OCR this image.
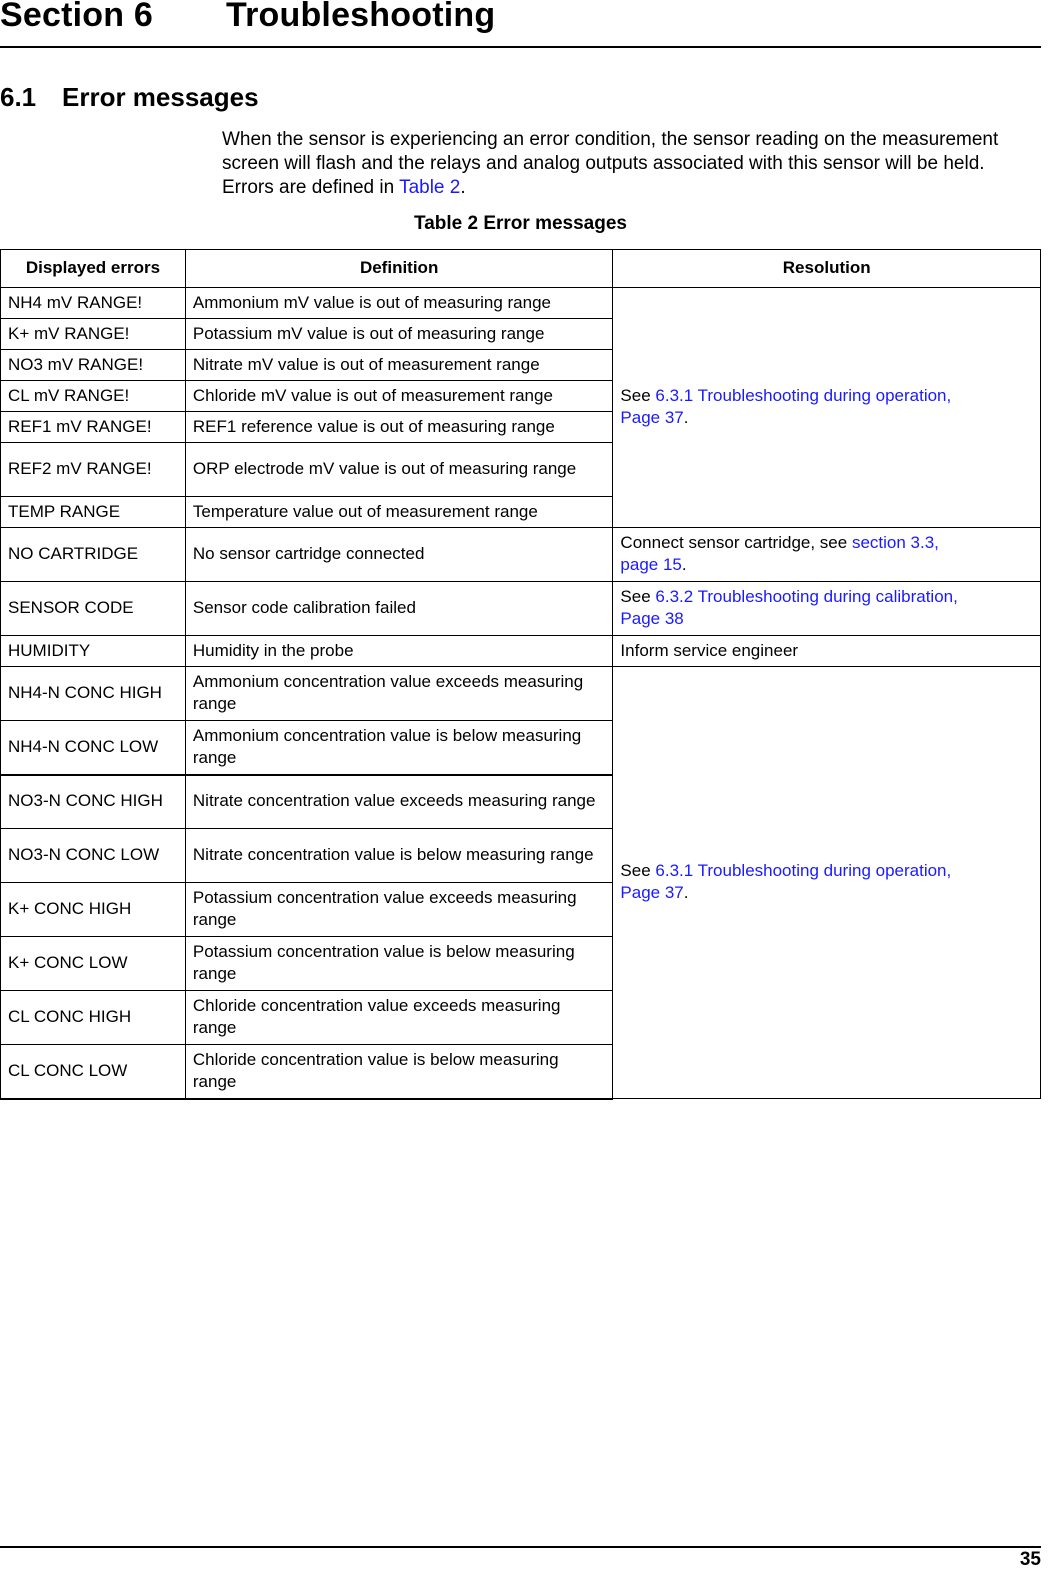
Section 6 Troubleshooting
6.1 Error messages

When the sensor is experiencing an error condition, the sensor reading on the measurement screen will flash and the relays and analog outputs associated with this sensor will be held. Errors are defined in Table 2.

Table 2 Error messages
Displayed errors	Definition	Resolution
NH4 mV RANGE!	Ammonium mV value is out of measuring range	See 6.3.1 Troubleshooting during operation,
Page 37.
K+ mV RANGE!	Potassium mV value is out of measuring range	
NO3 mV RANGE!	Nitrate mV value is out of measurement range	
CL mV RANGE!	Chloride mV value is out of measurement range	
REF1 mV RANGE!	REF1 reference value is out of measuring range	
REF2 mV RANGE!	ORP electrode mV value is out of measuring range	
TEMP RANGE	Temperature value out of measurement range	
NO CARTRIDGE	No sensor cartridge connected	Connect sensor cartridge, see section 3.3,
page 15.
SENSOR CODE	Sensor code calibration failed	See 6.3.2 Troubleshooting during calibration,
Page 38
HUMIDITY	Humidity in the probe	Inform service engineer
NH4-N CONC HIGH	Ammonium concentration value exceeds measuring range	See 6.3.1 Troubleshooting during operation,
Page 37.
NH4-N CONC LOW	Ammonium concentration value is below measuring range	
NO3-N CONC HIGH	Nitrate concentration value exceeds measuring range	
NO3-N CONC LOW	Nitrate concentration value is below measuring range	
K+ CONC HIGH	Potassium concentration value exceeds measuring range	
K+ CONC LOW	Potassium concentration value is below measuring range	
CL CONC HIGH	Chloride concentration value exceeds measuring range	
CL CONC LOW	Chloride concentration value is below measuring range	
35
